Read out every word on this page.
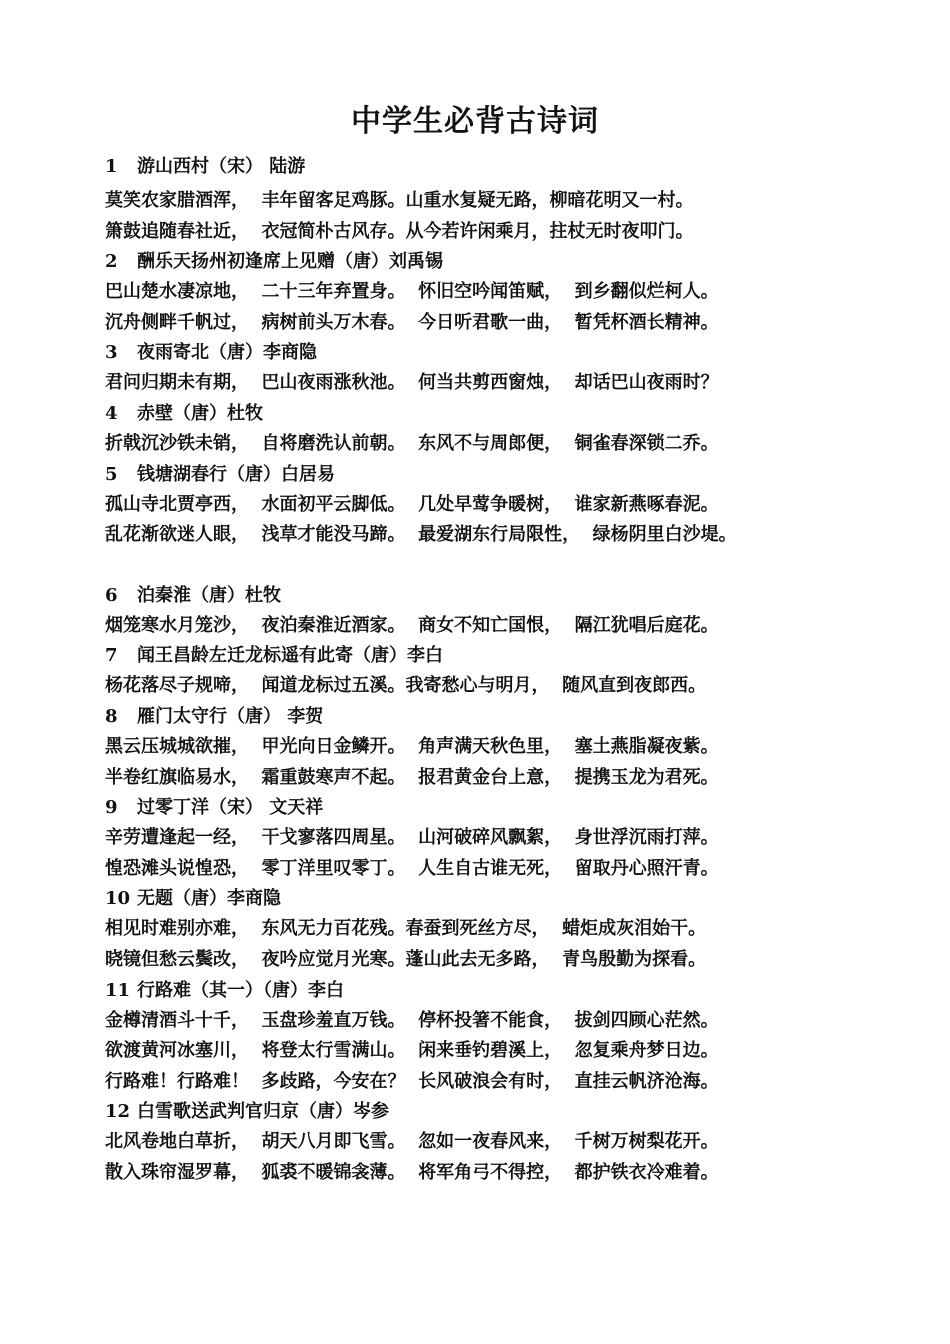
中学生必背古诗词
1 游山西村（宋） 陆游
莫笑农家腊酒浑，  丰年留客足鸡豚。山重水复疑无路，柳暗花明又一村。
箫鼓追随春社近，  衣冠简朴古风存。从今若许闲乘月，拄杖无时夜叩门。
2 酬乐天扬州初逢席上见赠（唐）刘禹锡
巴山楚水凄凉地，  二十三年弃置身。  怀旧空吟闻笛赋，  到乡翻似烂柯人。
沉舟侧畔千帆过，  病树前头万木春。  今日听君歌一曲，  暂凭杯酒长精神。
3 夜雨寄北（唐）李商隐
君问归期未有期，  巴山夜雨涨秋池。  何当共剪西窗烛，  却话巴山夜雨时？
4 赤壁（唐）杜牧
折戟沉沙铁未销，  自将磨洗认前朝。  东风不与周郎便，  铜雀春深锁二乔。
5 钱塘湖春行（唐）白居易
孤山寺北贾亭西，  水面初平云脚低。  几处早莺争暖树，  谁家新燕啄春泥。
乱花渐欲迷人眼，  浅草才能没马蹄。  最爱湖东行局限性，  绿杨阴里白沙堤。
6 泊秦淮（唐）杜牧
烟笼寒水月笼沙，  夜泊秦淮近酒家。  商女不知亡国恨，  隔江犹唱后庭花。
7 闻王昌龄左迁龙标遥有此寄（唐）李白
杨花落尽子规啼，  闻道龙标过五溪。我寄愁心与明月，  随风直到夜郎西。
8 雁门太守行（唐） 李贺
黑云压城城欲摧，  甲光向日金鳞开。  角声满天秋色里，  塞土燕脂凝夜紫。
半卷红旗临易水，  霜重鼓寒声不起。  报君黄金台上意，  提携玉龙为君死。
9 过零丁洋（宋） 文天祥
辛劳遭逢起一经，  干戈寥落四周星。  山河破碎风飘絮，  身世浮沉雨打萍。
惶恐滩头说惶恐，  零丁洋里叹零丁。  人生自古谁无死，  留取丹心照汗青。
10 无题（唐）李商隐
相见时难别亦难，  东风无力百花残。春蚕到死丝方尽，  蜡炬成灰泪始干。
晓镜但愁云鬓改，  夜吟应觉月光寒。蓬山此去无多路，  青鸟殷勤为探看。
11 行路难（其一）（唐）李白
金樽清酒斗十千，  玉盘珍羞直万钱。  停杯投箸不能食，  拔剑四顾心茫然。
欲渡黄河冰塞川，  将登太行雪满山。  闲来垂钓碧溪上，  忽复乘舟梦日边。
行路难！行路难！  多歧路，今安在？  长风破浪会有时，  直挂云帆济沧海。
12 白雪歌送武判官归京（唐）岑参
北风卷地白草折，  胡天八月即飞雪。  忽如一夜春风来，  千树万树梨花开。
散入珠帘湿罗幕，  狐裘不暖锦衾薄。  将军角弓不得控，  都护铁衣冷难着。
